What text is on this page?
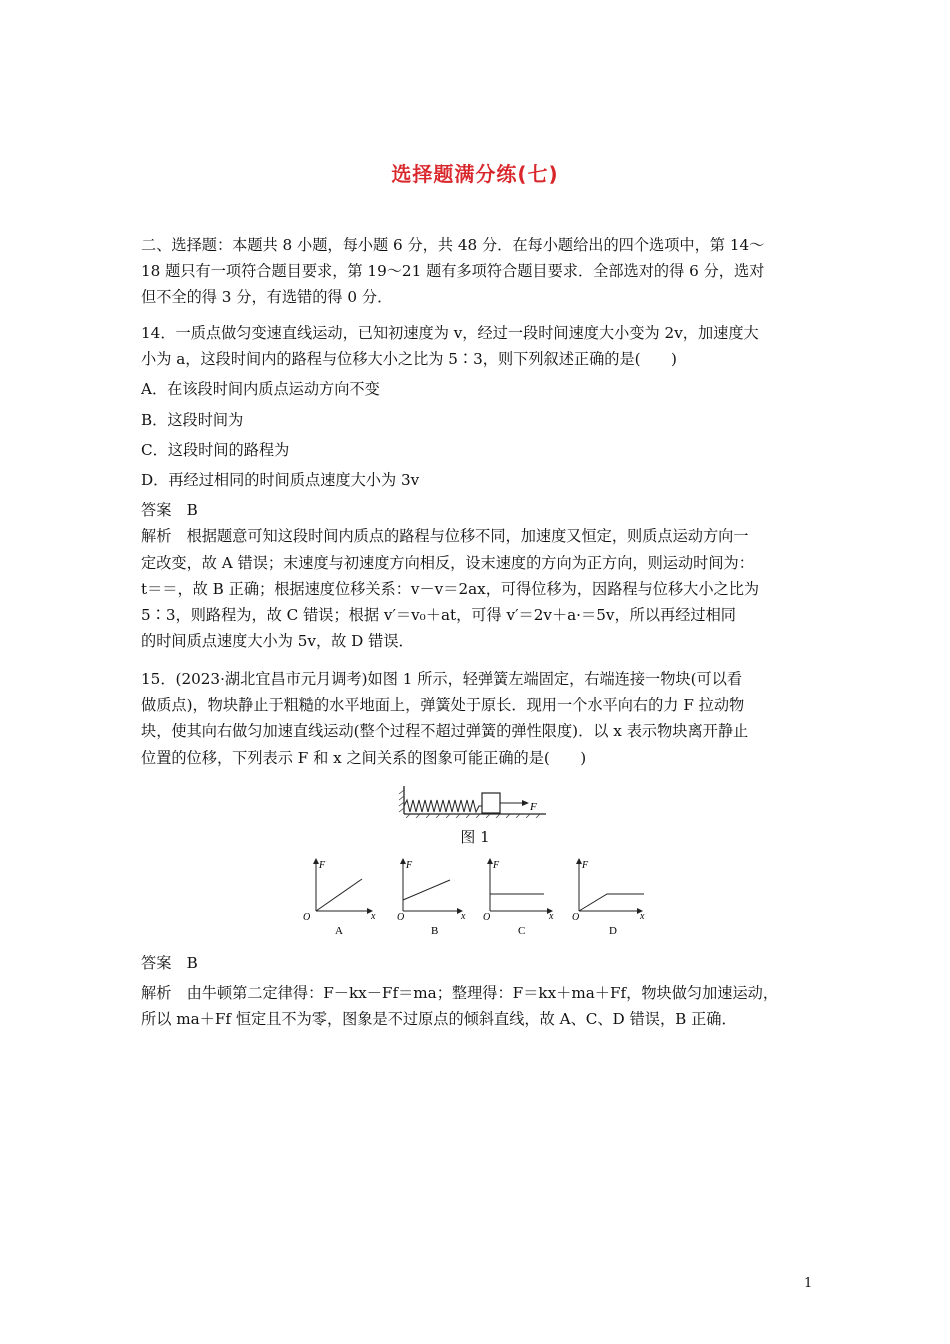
选择题满分练(七)
二、选择题：本题共 8 小题，每小题 6 分，共 48 分．在每小题给出的四个选项中，第 14～
18 题只有一项符合题目要求，第 19～21 题有多项符合题目要求．全部选对的得 6 分，选对
但不全的得 3 分，有选错的得 0 分．
14．一质点做匀变速直线运动，已知初速度为 v，经过一段时间速度大小变为 2v，加速度大
小为 a，这段时间内的路程与位移大小之比为 5∶3，则下列叙述正确的是(　　)
A．在该段时间内质点运动方向不变
B．这段时间为
C．这段时间的路程为
D．再经过相同的时间质点速度大小为 3v
答案　B
解析　根据题意可知这段时间内质点的路程与位移不同，加速度又恒定，则质点运动方向一
定改变，故 A 错误；末速度与初速度方向相反，设末速度的方向为正方向，则运动时间为：
t＝＝，故 B 正确；根据速度位移关系：v－v＝2ax，可得位移为，因路程与位移大小之比为
5∶3，则路程为，故 C 错误；根据 v′＝v₀＋at，可得 v′＝2v＋a·＝5v，所以再经过相同
的时间质点速度大小为 5v，故 D 错误．
15．(2023·湖北宜昌市元月调考)如图 1 所示，轻弹簧左端固定，右端连接一物块(可以看
做质点)，物块静止于粗糙的水平地面上，弹簧处于原长．现用一个水平向右的力 F 拉动物
块，使其向右做匀加速直线运动(整个过程不超过弹簧的弹性限度)．以 x 表示物块离开静止
位置的位移，下列表示 F 和 x 之间关系的图象可能正确的是(　　)
F
图 1
F
x
O
A
F
x
O
B
F
x
O
C
F
x
O
D
答案　B
解析　由牛顿第二定律得：F－kx－Ff＝ma；整理得：F＝kx＋ma＋Ff，物块做匀加速运动，
所以 ma＋Ff 恒定且不为零，图象是不过原点的倾斜直线，故 A、C、D 错误，B 正确．
1
